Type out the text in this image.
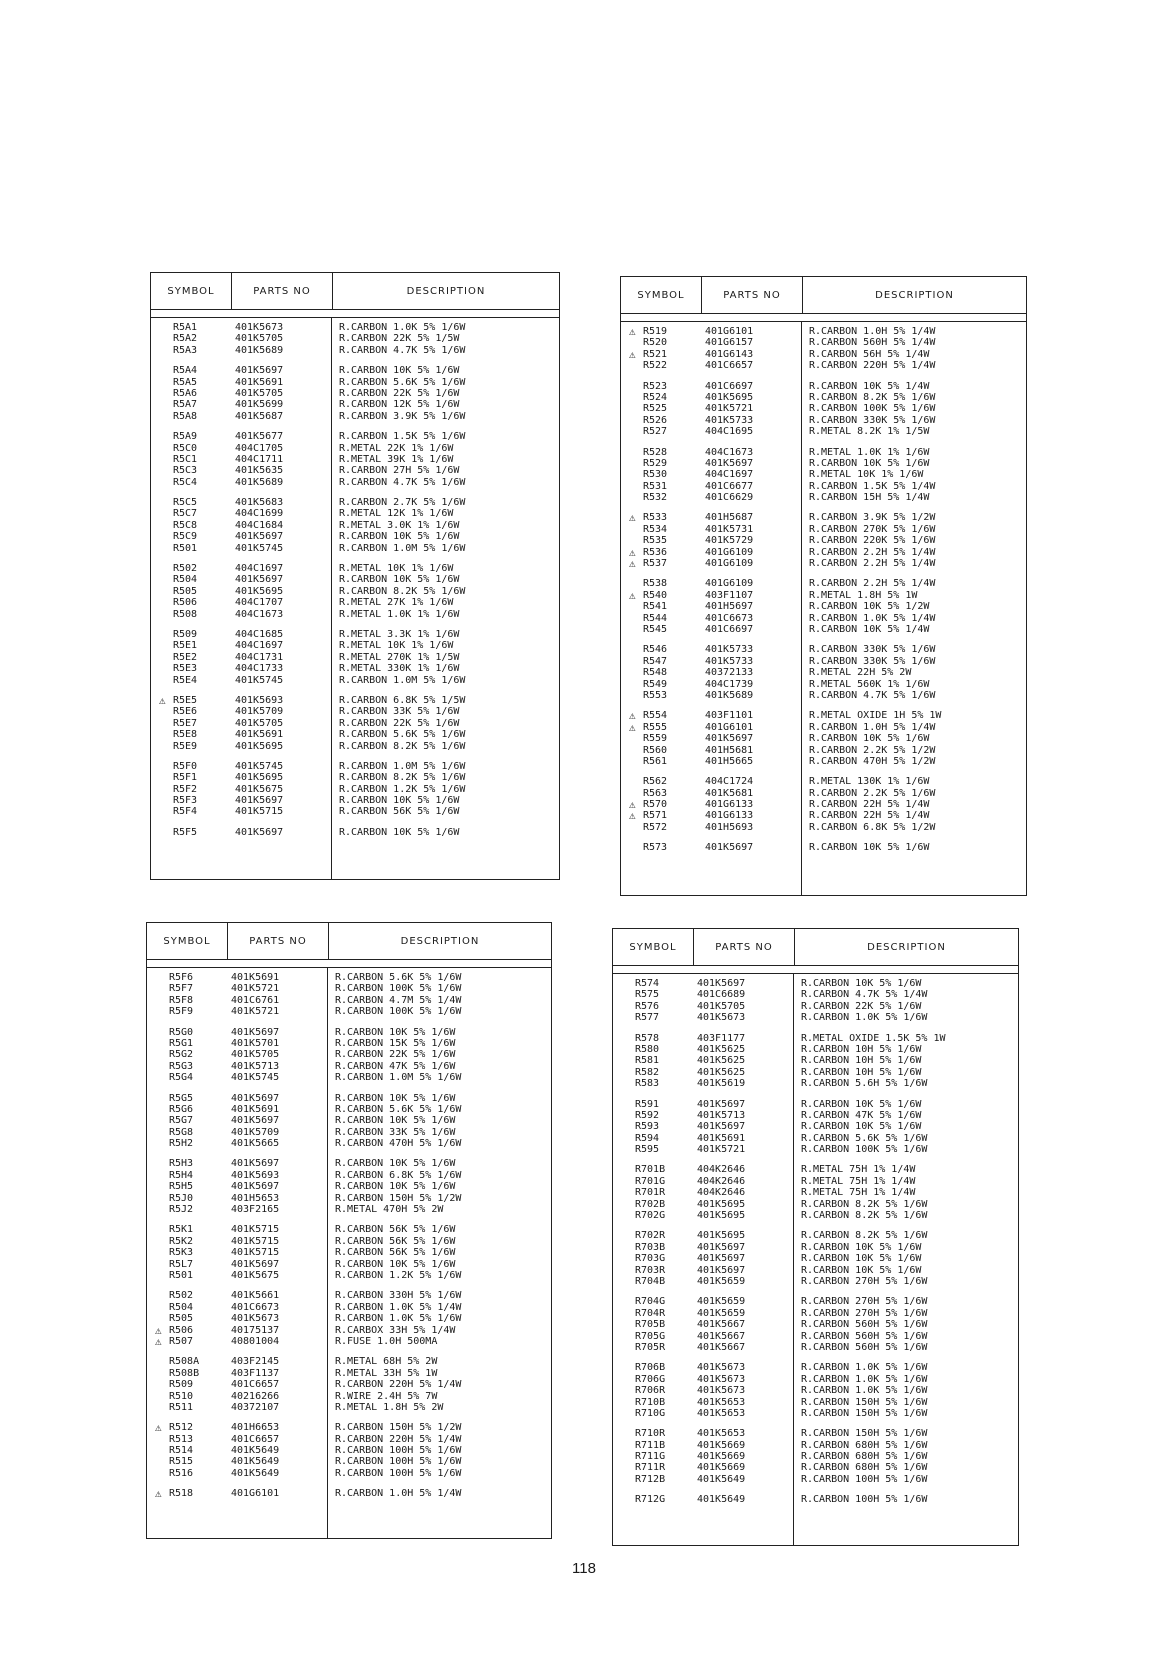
SYMBOL	PARTS NO	DESCRIPTION
R5A1	401K5673	R.CARBON 1.0K 5% 1/6W
R5A2	401K5705	R.CARBON 22K 5% 1/5W
R5A3	401K5689	R.CARBON 4.7K 5% 1/6W
R5A4	401K5697	R.CARBON 10K 5% 1/6W
R5A5	401K5691	R.CARBON 5.6K 5% 1/6W
R5A6	401K5705	R.CARBON 22K 5% 1/6W
R5A7	401K5699	R.CARBON 12K 5% 1/6W
R5A8	401K5687	R.CARBON 3.9K 5% 1/6W
R5A9	401K5677	R.CARBON 1.5K 5% 1/6W
R5C0	404C1705	R.METAL 22K 1% 1/6W
R5C1	404C1711	R.METAL 39K 1% 1/6W
R5C3	401K5635	R.CARBON 27H 5% 1/6W
R5C4	401K5689	R.CARBON 4.7K 5% 1/6W
R5C5	401K5683	R.CARBON 2.7K 5% 1/6W
R5C7	404C1699	R.METAL 12K 1% 1/6W
R5C8	404C1684	R.METAL 3.0K 1% 1/6W
R5C9	401K5697	R.CARBON 10K 5% 1/6W
R501	401K5745	R.CARBON 1.0M 5% 1/6W
R502	404C1697	R.METAL 10K 1% 1/6W
R504	401K5697	R.CARBON 10K 5% 1/6W
R505	401K5695	R.CARBON 8.2K 5% 1/6W
R506	404C1707	R.METAL 27K 1% 1/6W
R508	404C1673	R.METAL 1.0K 1% 1/6W
R509	404C1685	R.METAL 3.3K 1% 1/6W
R5E1	404C1697	R.METAL 10K 1% 1/6W
R5E2	404C1731	R.METAL 270K 1% 1/5W
R5E3	404C1733	R.METAL 330K 1% 1/6W
R5E4	401K5745	R.CARBON 1.0M 5% 1/6W
⚠ R5E5	401K5693	R.CARBON 6.8K 5% 1/5W
R5E6	401K5709	R.CARBON 33K 5% 1/6W
R5E7	401K5705	R.CARBON 22K 5% 1/6W
R5E8	401K5691	R.CARBON 5.6K 5% 1/6W
R5E9	401K5695	R.CARBON 8.2K 5% 1/6W
R5F0	401K5745	R.CARBON 1.0M 5% 1/6W
R5F1	401K5695	R.CARBON 8.2K 5% 1/6W
R5F2	401K5675	R.CARBON 1.2K 5% 1/6W
R5F3	401K5697	R.CARBON 10K 5% 1/6W
R5F4	401K5715	R.CARBON 56K 5% 1/6W
R5F5	401K5697	R.CARBON 10K 5% 1/6W
SYMBOL	PARTS NO	DESCRIPTION
⚠ R519	401G6101	R.CARBON 1.0H 5% 1/4W
R520	401G6157	R.CARBON 560H 5% 1/4W
⚠ R521	401G6143	R.CARBON 56H 5% 1/4W
R522	401C6657	R.CARBON 220H 5% 1/4W
R523	401C6697	R.CARBON 10K 5% 1/4W
R524	401K5695	R.CARBON 8.2K 5% 1/6W
R525	401K5721	R.CARBON 100K 5% 1/6W
R526	401K5733	R.CARBON 330K 5% 1/6W
R527	404C1695	R.METAL 8.2K 1% 1/5W
R528	404C1673	R.METAL 1.0K 1% 1/6W
R529	401K5697	R.CARBON 10K 5% 1/6W
R530	404C1697	R.METAL 10K 1% 1/6W
R531	401C6677	R.CARBON 1.5K 5% 1/4W
R532	401C6629	R.CARBON 15H 5% 1/4W
⚠ R533	401H5687	R.CARBON 3.9K 5% 1/2W
R534	401K5731	R.CARBON 270K 5% 1/6W
R535	401K5729	R.CARBON 220K 5% 1/6W
⚠ R536	401G6109	R.CARBON 2.2H 5% 1/4W
⚠ R537	401G6109	R.CARBON 2.2H 5% 1/4W
R538	401G6109	R.CARBON 2.2H 5% 1/4W
⚠ R540	403F1107	R.METAL 1.8H 5% 1W
R541	401H5697	R.CARBON 10K 5% 1/2W
R544	401C6673	R.CARBON 1.0K 5% 1/4W
R545	401C6697	R.CARBON 10K 5% 1/4W
R546	401K5733	R.CARBON 330K 5% 1/6W
R547	401K5733	R.CARBON 330K 5% 1/6W
R548	40372133	R.METAL 22H 5% 2W
R549	404C1739	R.METAL 560K 1% 1/6W
R553	401K5689	R.CARBON 4.7K 5% 1/6W
⚠ R554	403F1101	R.METAL OXIDE 1H 5% 1W
⚠ R555	401G6101	R.CARBON 1.0H 5% 1/4W
R559	401K5697	R.CARBON 10K 5% 1/6W
R560	401H5681	R.CARBON 2.2K 5% 1/2W
R561	401H5665	R.CARBON 470H 5% 1/2W
R562	404C1724	R.METAL 130K 1% 1/6W
R563	401K5681	R.CARBON 2.2K 5% 1/6W
⚠ R570	401G6133	R.CARBON 22H 5% 1/4W
⚠ R571	401G6133	R.CARBON 22H 5% 1/4W
R572	401H5693	R.CARBON 6.8K 5% 1/2W
R573	401K5697	R.CARBON 10K 5% 1/6W
SYMBOL	PARTS NO	DESCRIPTION
R5F6	401K5691	R.CARBON 5.6K 5% 1/6W
R5F7	401K5721	R.CARBON 100K 5% 1/6W
R5F8	401C6761	R.CARBON 4.7M 5% 1/4W
R5F9	401K5721	R.CARBON 100K 5% 1/6W
R5G0	401K5697	R.CARBON 10K 5% 1/6W
R5G1	401K5701	R.CARBON 15K 5% 1/6W
R5G2	401K5705	R.CARBON 22K 5% 1/6W
R5G3	401K5713	R.CARBON 47K 5% 1/6W
R5G4	401K5745	R.CARBON 1.0M 5% 1/6W
R5G5	401K5697	R.CARBON 10K 5% 1/6W
R5G6	401K5691	R.CARBON 5.6K 5% 1/6W
R5G7	401K5697	R.CARBON 10K 5% 1/6W
R5G8	401K5709	R.CARBON 33K 5% 1/6W
R5H2	401K5665	R.CARBON 470H 5% 1/6W
R5H3	401K5697	R.CARBON 10K 5% 1/6W
R5H4	401K5693	R.CARBON 6.8K 5% 1/6W
R5H5	401K5697	R.CARBON 10K 5% 1/6W
R5J0	401H5653	R.CARBON 150H 5% 1/2W
R5J2	403F2165	R.METAL 470H 5% 2W
R5K1	401K5715	R.CARBON 56K 5% 1/6W
R5K2	401K5715	R.CARBON 56K 5% 1/6W
R5K3	401K5715	R.CARBON 56K 5% 1/6W
R5L7	401K5697	R.CARBON 10K 5% 1/6W
R501	401K5675	R.CARBON 1.2K 5% 1/6W
R502	401K5661	R.CARBON 330H 5% 1/6W
R504	401C6673	R.CARBON 1.0K 5% 1/4W
R505	401K5673	R.CARBON 1.0K 5% 1/6W
⚠ R506	40175137	R.CARBOX 33H 5% 1/4W
⚠ R507	40801004	R.FUSE 1.0H 500MA
R508A	403F2145	R.METAL 68H 5% 2W
R508B	403F1137	R.METAL 33H 5% 1W
R509	401C6657	R.CARBON 220H 5% 1/4W
R510	40216266	R.WIRE 2.4H 5% 7W
R511	40372107	R.METAL 1.8H 5% 2W
⚠ R512	401H6653	R.CARBON 150H 5% 1/2W
R513	401C6657	R.CARBON 220H 5% 1/4W
R514	401K5649	R.CARBON 100H 5% 1/6W
R515	401K5649	R.CARBON 100H 5% 1/6W
R516	401K5649	R.CARBON 100H 5% 1/6W
⚠ R518	401G6101	R.CARBON 1.0H 5% 1/4W
SYMBOL	PARTS NO	DESCRIPTION
R574	401K5697	R.CARBON 10K 5% 1/6W
R575	401C6689	R.CARBON 4.7K 5% 1/4W
R576	401K5705	R.CARBON 22K 5% 1/6W
R577	401K5673	R.CARBON 1.0K 5% 1/6W
R578	403F1177	R.METAL OXIDE 1.5K 5% 1W
R580	401K5625	R.CARBON 10H 5% 1/6W
R581	401K5625	R.CARBON 10H 5% 1/6W
R582	401K5625	R.CARBON 10H 5% 1/6W
R583	401K5619	R.CARBON 5.6H 5% 1/6W
R591	401K5697	R.CARBON 10K 5% 1/6W
R592	401K5713	R.CARBON 47K 5% 1/6W
R593	401K5697	R.CARBON 10K 5% 1/6W
R594	401K5691	R.CARBON 5.6K 5% 1/6W
R595	401K5721	R.CARBON 100K 5% 1/6W
R701B	404K2646	R.METAL 75H 1% 1/4W
R701G	404K2646	R.METAL 75H 1% 1/4W
R701R	404K2646	R.METAL 75H 1% 1/4W
R702B	401K5695	R.CARBON 8.2K 5% 1/6W
R702G	401K5695	R.CARBON 8.2K 5% 1/6W
R702R	401K5695	R.CARBON 8.2K 5% 1/6W
R703B	401K5697	R.CARBON 10K 5% 1/6W
R703G	401K5697	R.CARBON 10K 5% 1/6W
R703R	401K5697	R.CARBON 10K 5% 1/6W
R704B	401K5659	R.CARBON 270H 5% 1/6W
R704G	401K5659	R.CARBON 270H 5% 1/6W
R704R	401K5659	R.CARBON 270H 5% 1/6W
R705B	401K5667	R.CARBON 560H 5% 1/6W
R705G	401K5667	R.CARBON 560H 5% 1/6W
R705R	401K5667	R.CARBON 560H 5% 1/6W
R706B	401K5673	R.CARBON 1.0K 5% 1/6W
R706G	401K5673	R.CARBON 1.0K 5% 1/6W
R706R	401K5673	R.CARBON 1.0K 5% 1/6W
R710B	401K5653	R.CARBON 150H 5% 1/6W
R710G	401K5653	R.CARBON 150H 5% 1/6W
R710R	401K5653	R.CARBON 150H 5% 1/6W
R711B	401K5669	R.CARBON 680H 5% 1/6W
R711G	401K5669	R.CARBON 680H 5% 1/6W
R711R	401K5669	R.CARBON 680H 5% 1/6W
R712B	401K5649	R.CARBON 100H 5% 1/6W
R712G	401K5649	R.CARBON 100H 5% 1/6W
118
